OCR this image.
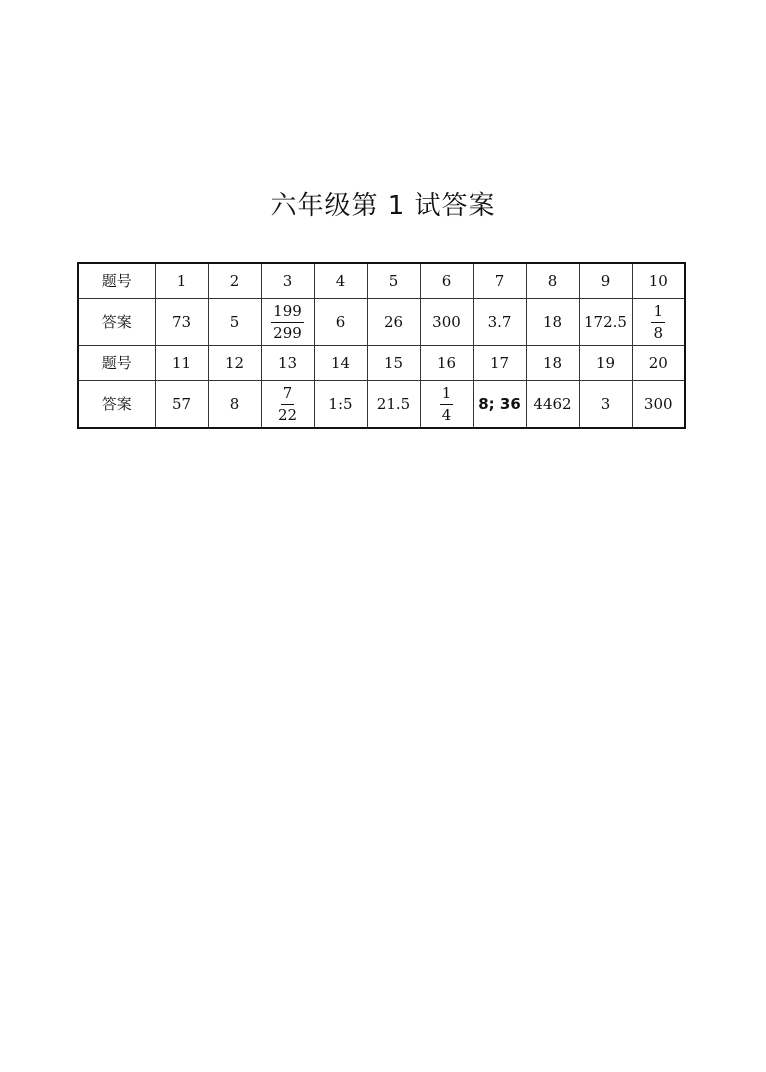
六年级第 1 试答案
题号	1	2	3	4	5	6	7	8	9	10
答案	73	5	$\frac{199}{299}$	6	26	300	3.7	18	172.5	$\frac{1}{8}$

题号	11	12	13	14	15	16	17	18	19	20
答案	57	8	$\frac{7}{22}$	1:5	21.5	$\frac{1}{4}$	8; 36	4462	3	300
